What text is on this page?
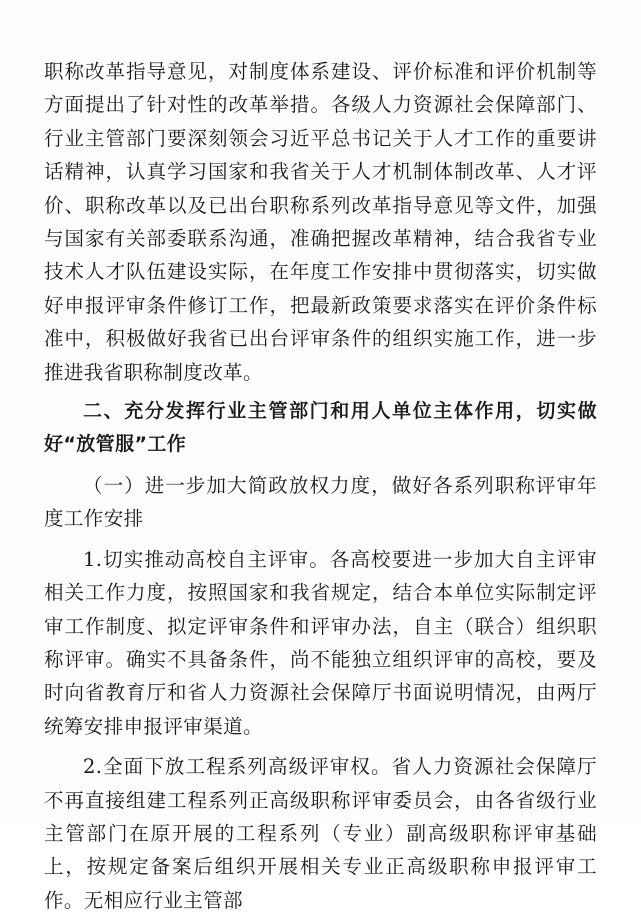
职称改革指导意见，对制度体系建设、评价标准和评价机制等方面提出了针对性的改革举措。各级人力资源社会保障部门、行业主管部门要深刻领会习近平总书记关于人才工作的重要讲话精神，认真学习国家和我省关于人才机制体制改革、人才评价、职称改革以及已出台职称系列改革指导意见等文件，加强与国家有关部委联系沟通，准确把握改革精神，结合我省专业技术人才队伍建设实际，在年度工作安排中贯彻落实，切实做好申报评审条件修订工作，把最新政策要求落实在评价条件标准中，积极做好我省已出台评审条件的组织实施工作，进一步推进我省职称制度改革。

二、充分发挥行业主管部门和用人单位主体作用，切实做好“放管服”工作

（一）进一步加大简政放权力度，做好各系列职称评审年度工作安排

1.切实推动高校自主评审。各高校要进一步加大自主评审相关工作力度，按照国家和我省规定，结合本单位实际制定评审工作制度、拟定评审条件和评审办法，自主（联合）组织职称评审。确实不具备条件，尚不能独立组织评审的高校，要及时向省教育厅和省人力资源社会保障厅书面说明情况，由两厅统筹安排申报评审渠道。

2.全面下放工程系列高级评审权。省人力资源社会保障厅不再直接组建工程系列正高级职称评审委员会，由各省级行业主管部门在原开展的工程系列（专业）副高级职称评审基础上，按规定备案后组织开展相关专业正高级职称申报评审工作。无相应行业主管部
